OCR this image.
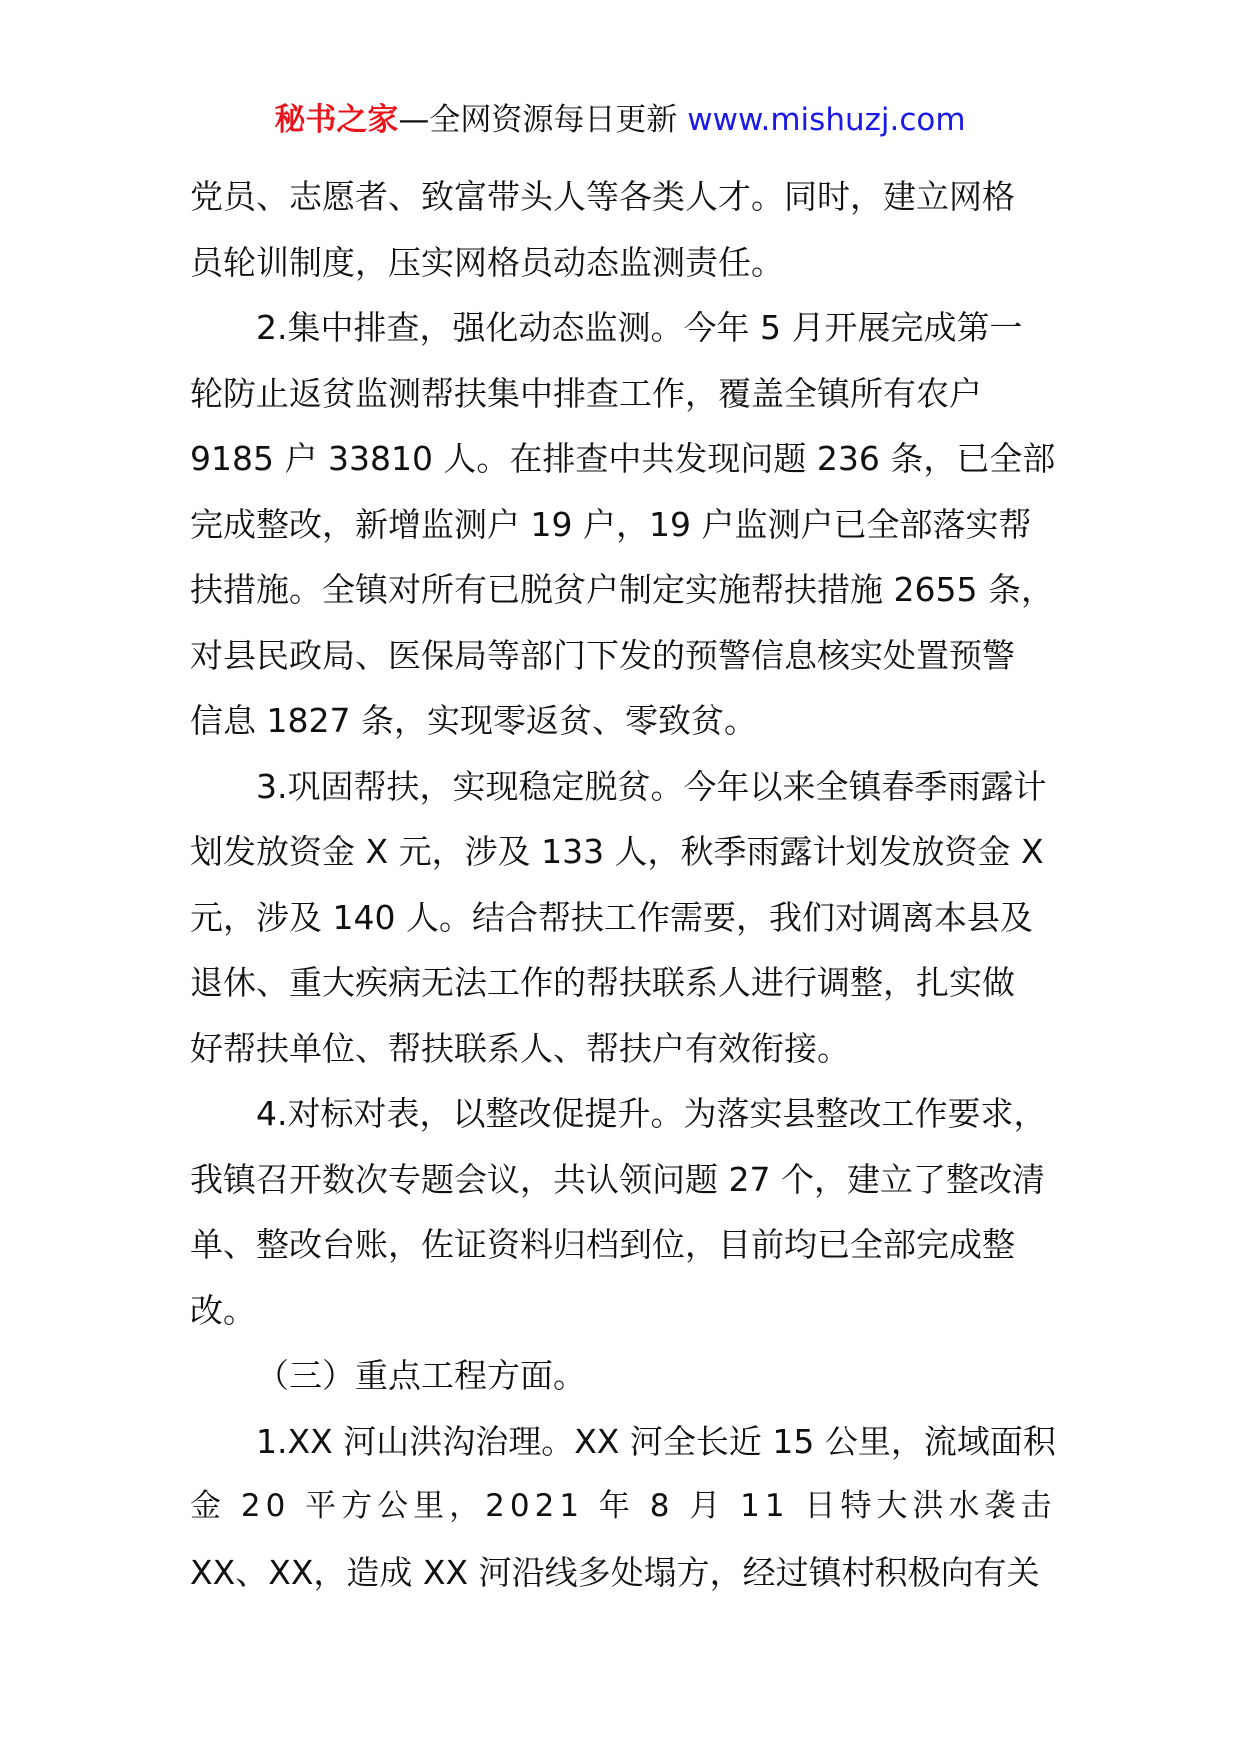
秘书之家—全网资源每日更新 www.mishuzj.com
党员、志愿者、致富带头人等各类人才。同时，建立网格
员轮训制度，压实网格员动态监测责任。
2.集中排查，强化动态监测。今年 5 月开展完成第一
轮防止返贫监测帮扶集中排查工作，覆盖全镇所有农户
9185 户 33810 人。在排查中共发现问题 236 条，已全部
完成整改，新增监测户 19 户，19 户监测户已全部落实帮
扶措施。全镇对所有已脱贫户制定实施帮扶措施 2655 条，
对县民政局、医保局等部门下发的预警信息核实处置预警
信息 1827 条，实现零返贫、零致贫。
3.巩固帮扶，实现稳定脱贫。今年以来全镇春季雨露计
划发放资金 X 元，涉及 133 人，秋季雨露计划发放资金 X
元，涉及 140 人。结合帮扶工作需要，我们对调离本县及
退休、重大疾病无法工作的帮扶联系人进行调整，扎实做
好帮扶单位、帮扶联系人、帮扶户有效衔接。
4.对标对表，以整改促提升。为落实县整改工作要求，
我镇召开数次专题会议，共认领问题 27 个，建立了整改清
单、整改台账，佐证资料归档到位，目前均已全部完成整
改。
（三）重点工程方面。
1.XX 河山洪沟治理。XX 河全长近 15 公里，流域面积
金 20 平方公里，2021 年 8 月 11 日特大洪水袭击
XX、XX，造成 XX 河沿线多处塌方，经过镇村积极向有关
